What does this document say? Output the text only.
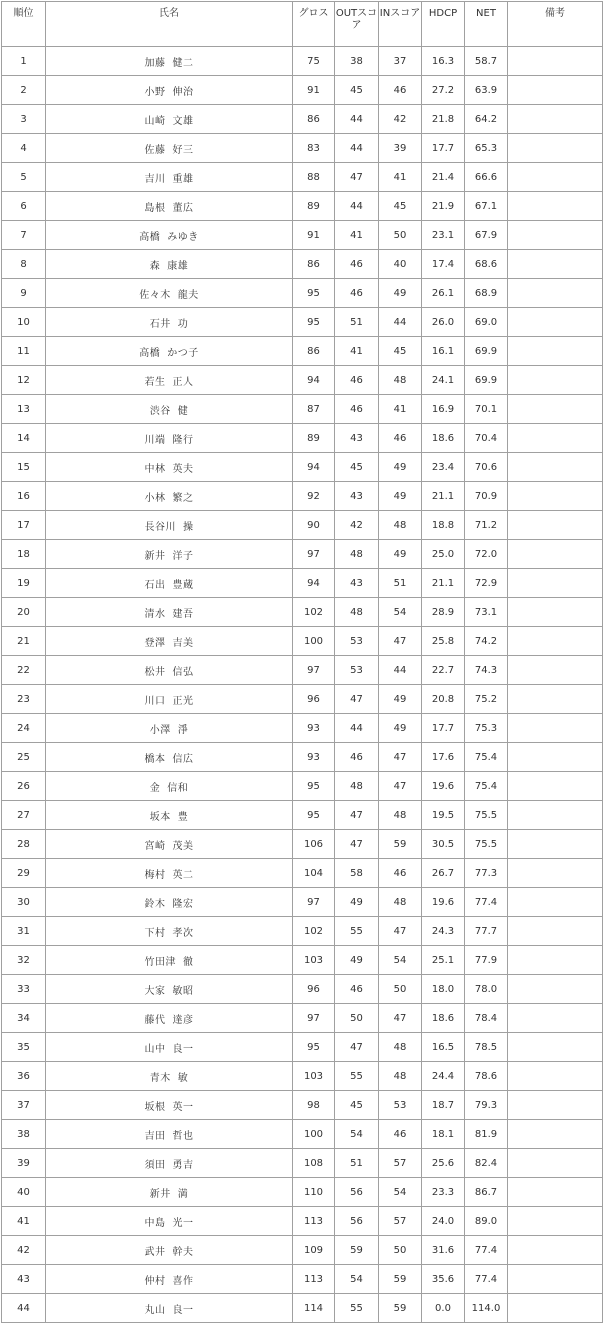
順位	氏名	グロス	OUTスコア	INスコア	HDCP	NET	備考
1	加藤 健二	75	38	37	16.3	58.7	
2	小野 伸治	91	45	46	27.2	63.9	
3	山崎 文雄	86	44	42	21.8	64.2	
4	佐藤 好三	83	44	39	17.7	65.3	
5	吉川 重雄	88	47	41	21.4	66.6	
6	島根 董広	89	44	45	21.9	67.1	
7	高橋 みゆき	91	41	50	23.1	67.9	
8	森 康雄	86	46	40	17.4	68.6	
9	佐々木 龍夫	95	46	49	26.1	68.9	
10	石井 功	95	51	44	26.0	69.0	
11	高橋 かつ子	86	41	45	16.1	69.9	
12	若生 正人	94	46	48	24.1	69.9	
13	渋谷 健	87	46	41	16.9	70.1	
14	川端 隆行	89	43	46	18.6	70.4	
15	中林 英夫	94	45	49	23.4	70.6	
16	小林 繁之	92	43	49	21.1	70.9	
17	長谷川 操	90	42	48	18.8	71.2	
18	新井 洋子	97	48	49	25.0	72.0	
19	石出 豊蔵	94	43	51	21.1	72.9	
20	清水 建吾	102	48	54	28.9	73.1	
21	登澤 吉美	100	53	47	25.8	74.2	
22	松井 信弘	97	53	44	22.7	74.3	
23	川口 正光	96	47	49	20.8	75.2	
24	小澤 淨	93	44	49	17.7	75.3	
25	橋本 信広	93	46	47	17.6	75.4	
26	金 信和	95	48	47	19.6	75.4	
27	坂本 豊	95	47	48	19.5	75.5	
28	宮崎 茂美	106	47	59	30.5	75.5	
29	梅村 英二	104	58	46	26.7	77.3	
30	鈴木 隆宏	97	49	48	19.6	77.4	
31	下村 孝次	102	55	47	24.3	77.7	
32	竹田津 徹	103	49	54	25.1	77.9	
33	大家 敏昭	96	46	50	18.0	78.0	
34	藤代 達彦	97	50	47	18.6	78.4	
35	山中 良一	95	47	48	16.5	78.5	
36	青木 敏	103	55	48	24.4	78.6	
37	坂根 英一	98	45	53	18.7	79.3	
38	吉田 哲也	100	54	46	18.1	81.9	
39	須田 勇吉	108	51	57	25.6	82.4	
40	新井 満	110	56	54	23.3	86.7	
41	中島 光一	113	56	57	24.0	89.0	
42	武井 幹夫	109	59	50	31.6	77.4	
43	仲村 喜作	113	54	59	35.6	77.4	
44	丸山 良一	114	55	59	0.0	114.0	
